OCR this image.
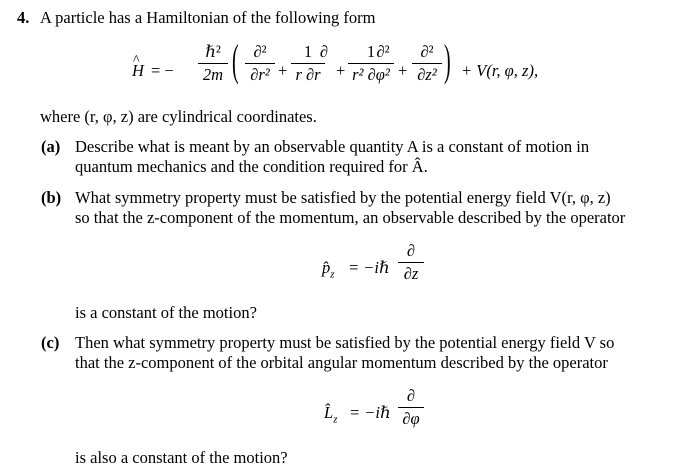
4. A particle has a Hamiltonian of the following form
^ H = −
ℏ²
2m ( ∂²
∂r² +
1
r ∂r
∂
+
1
r² ∂φ²
∂²
+
∂²
∂z² ) + V(r, φ, z),
where (r, φ, z) are cylindrical coordinates.
(a) Describe what is meant by an observable quantity A is a constant of motion in
quantum mechanics and the condition required for Â.
(b) What symmetry property must be satisfied by the potential energy field V(r, φ, z)
so that the z-component of the momentum, an observable described by the operator
$p̂_z$ = −iℏ
∂
∂z
is a constant of the motion?
(c) Then what symmetry property must be satisfied by the potential energy field V so
that the z-component of the orbital angular momentum described by the operator
$L̂_z$ = −iℏ
∂
∂φ
is also a constant of the motion?
